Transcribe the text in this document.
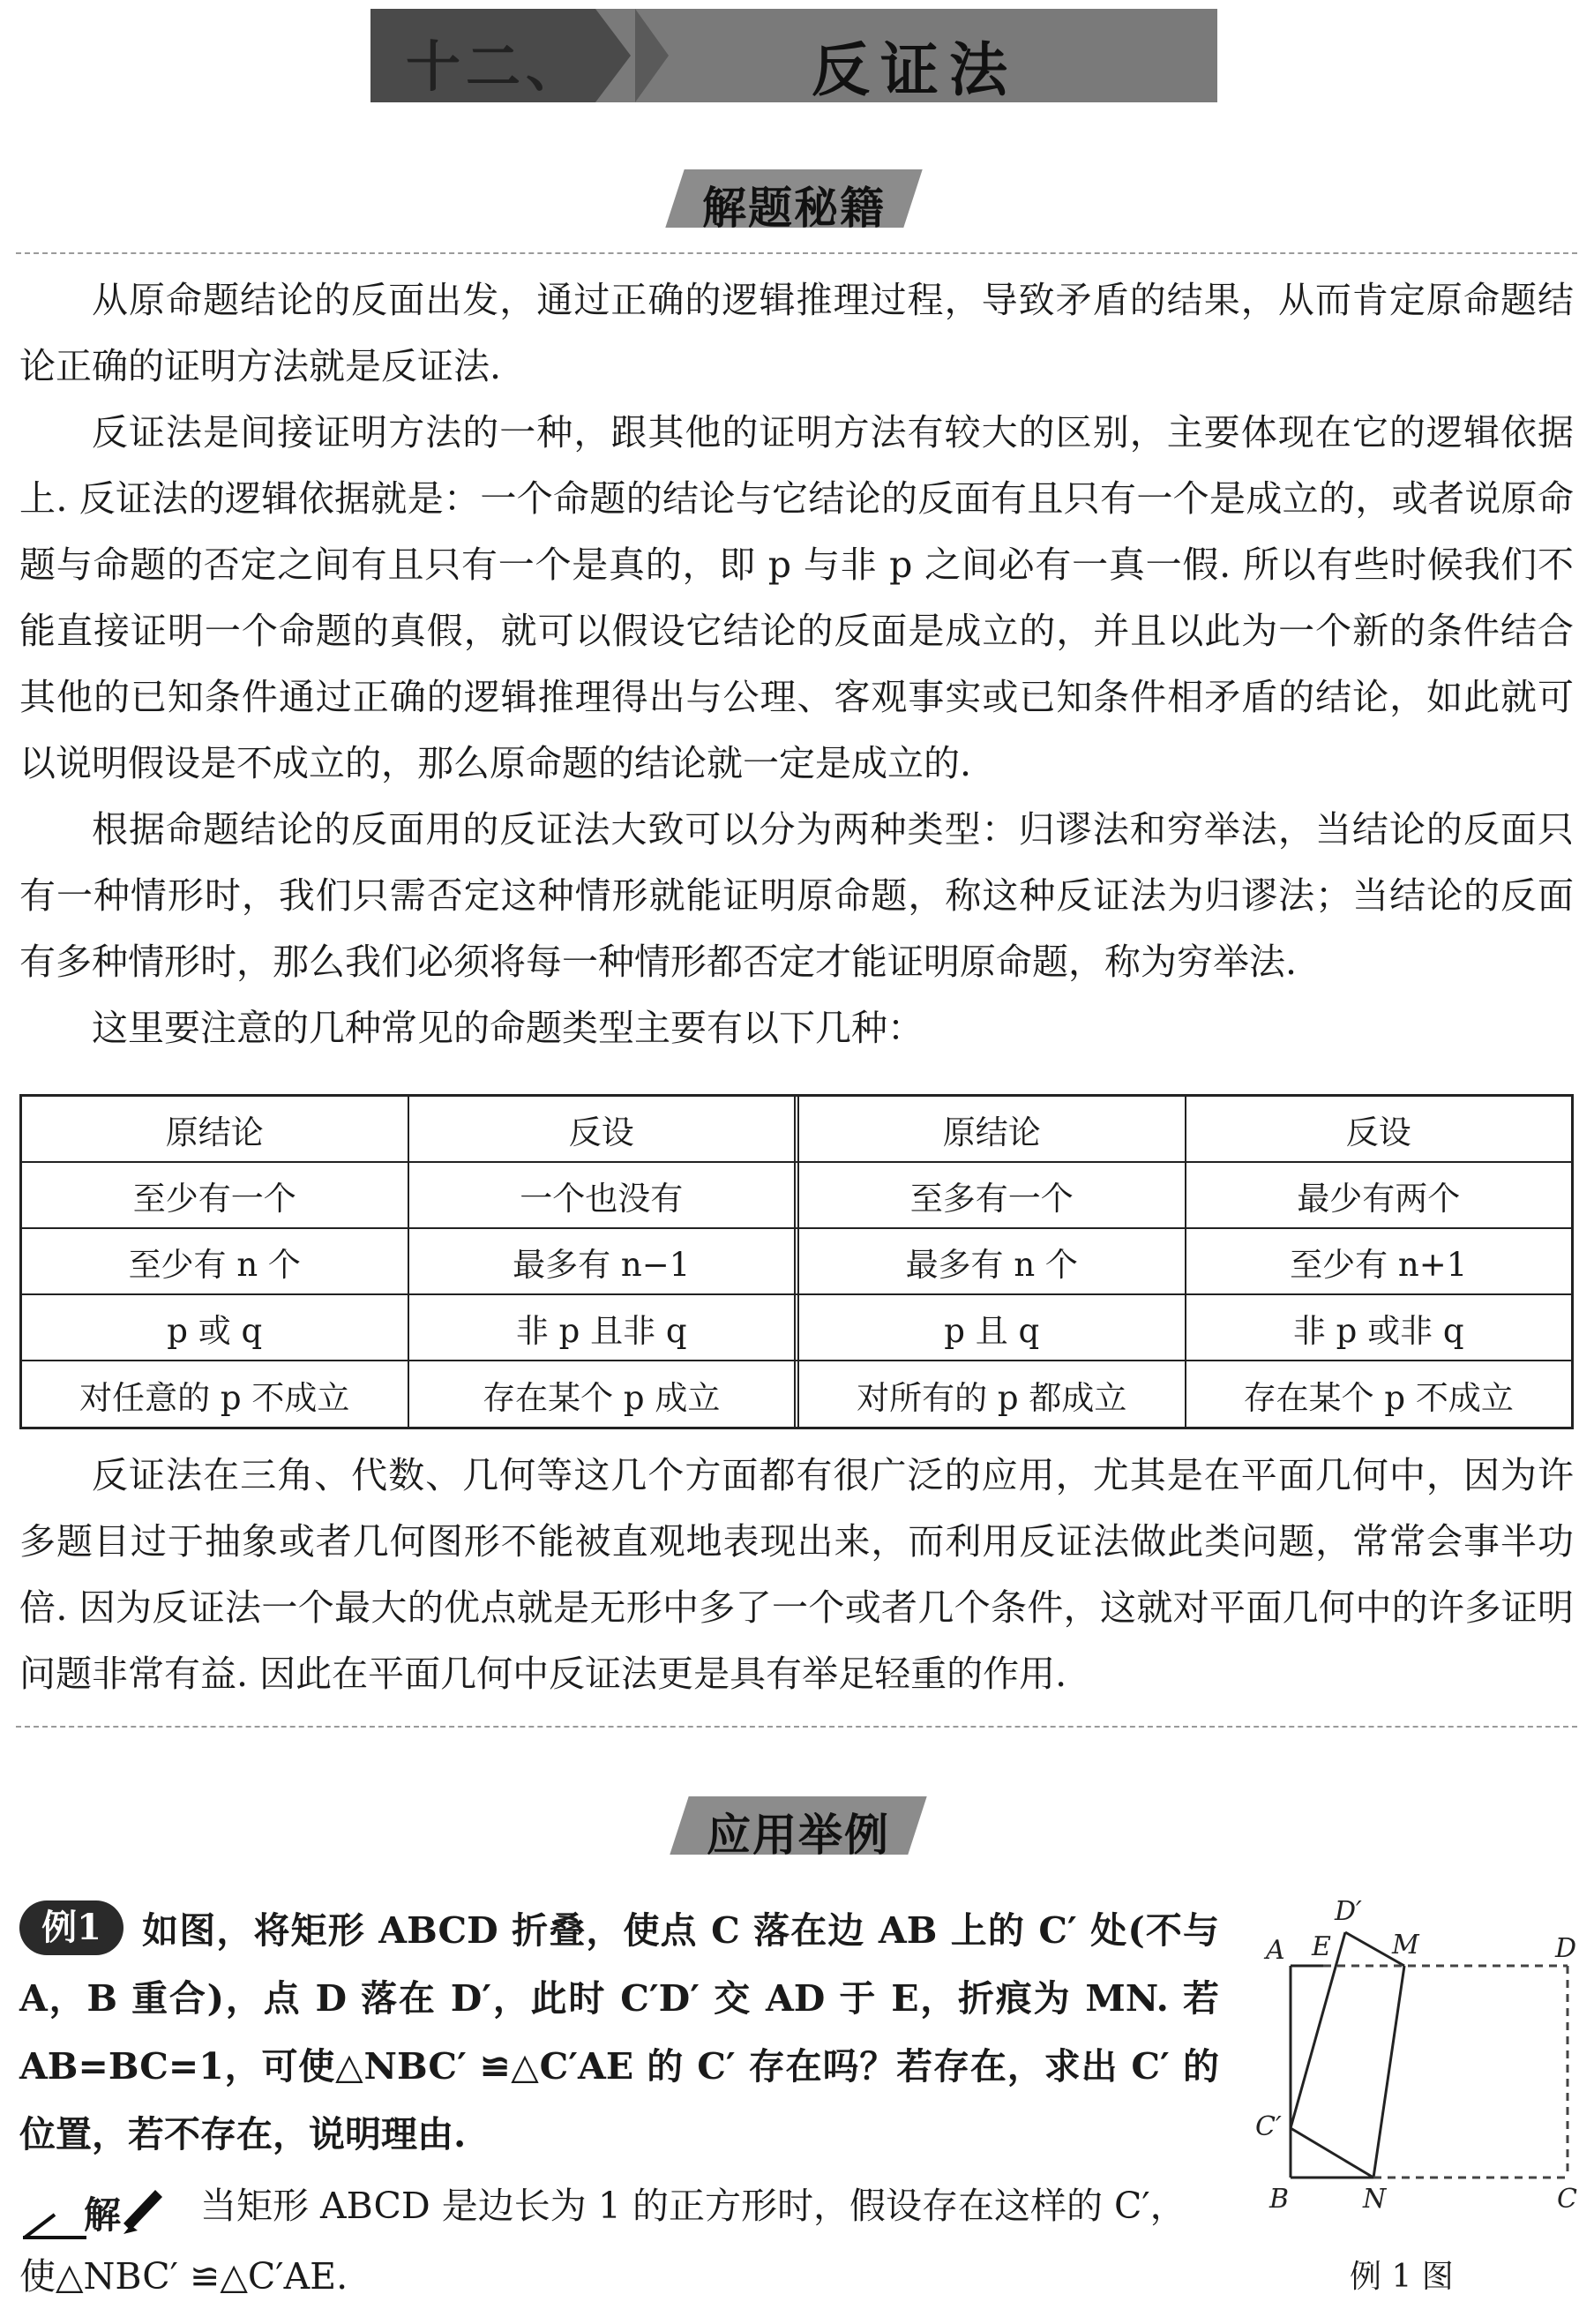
十二、	反证法
解题秘籍

从原命题结论的反面出发，通过正确的逻辑推理过程，导致矛盾的结果，从而肯定原命题结论正确的证明方法就是反证法.

反证法是间接证明方法的一种，跟其他的证明方法有较大的区别，主要体现在它的逻辑依据上. 反证法的逻辑依据就是：一个命题的结论与它结论的反面有且只有一个是成立的，或者说原命题与命题的否定之间有且只有一个是真的，即 p 与非 p 之间必有一真一假. 所以有些时候我们不能直接证明一个命题的真假，就可以假设它结论的反面是成立的，并且以此为一个新的条件结合其他的已知条件通过正确的逻辑推理得出与公理、客观事实或已知条件相矛盾的结论，如此就可以说明假设是不成立的，那么原命题的结论就一定是成立的.

根据命题结论的反面用的反证法大致可以分为两种类型：归谬法和穷举法，当结论的反面只有一种情形时，我们只需否定这种情形就能证明原命题，称这种反证法为归谬法；当结论的反面有多种情形时，那么我们必须将每一种情形都否定才能证明原命题，称为穷举法.

这里要注意的几种常见的命题类型主要有以下几种：

原结论	反设	原结论	反设
至少有一个	一个也没有	至多有一个	最少有两个
至少有 n 个	最多有 n−1	最多有 n 个	至少有 n+1
p 或 q	非 p 且非 q	p 且 q	非 p 或非 q
对任意的 p 不成立	存在某个 p 成立	对所有的 p 都成立	存在某个 p 不成立

反证法在三角、代数、几何等这几个方面都有很广泛的应用，尤其是在平面几何中，因为许多题目过于抽象或者几何图形不能被直观地表现出来，而利用反证法做此类问题，常常会事半功倍. 因为反证法一个最大的优点就是无形中多了一个或者几个条件，这就对平面几何中的许多证明问题非常有益. 因此在平面几何中反证法更是具有举足轻重的作用.

应用举例
例1	如图，将矩形 ABCD 折叠，使点 C 落在边 AB 上的 C′ 处(不与 A，B 重合)，点 D 落在 D′，此时 C′D′ 交 AD 于 E，折痕为 MN. 若 AB=BC=1，可使△NBC′ ≌△C′AE 的 C′ 存在吗？若存在，求出 C′ 的位置，若不存在，说明理由.
解	当矩形 ABCD 是边长为 1 的正方形时，假设存在这样的 C′，使△NBC′ ≌△C′AE.
A E
D′
M	D
C′
B	N	C
例 1 图
